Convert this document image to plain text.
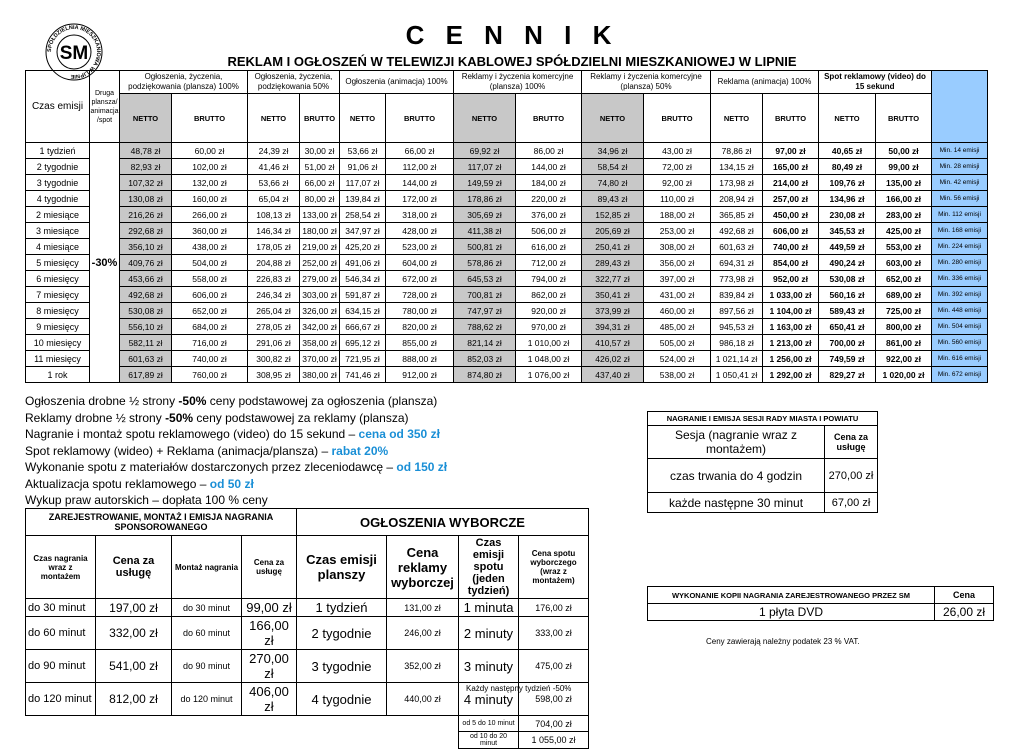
SPÓŁDZIELNIA MIESZKANIOWA W LIPNIE
SM
C E N N I K
REKLAM I OGŁOSZEŃ W TELEWIZJI KABLOWEJ SPÓŁDZIELNI MIESZKANIOWEJ W LIPNIE
Czas emisji	Druga plansza/ animacja /spot	Ogłoszenia, życzenia, podziękowania (plansza) 100%		Ogłoszenia, życzenia, podziękowania 50%		Ogłoszenia (animacja) 100%		Reklamy i życzenia komercyjne (plansza) 100%		Reklamy i życzenia komercyjne (plansza) 50%		Reklama (animacja) 100%		Spot reklamowy (video) do 15 sekund		
		NETTO	BRUTTO	NETTO	BRUTTO	NETTO	BRUTTO	NETTO	BRUTTO	NETTO	BRUTTO	NETTO	BRUTTO	NETTO	BRUTTO	
1 tydzień	-30%	48,78 zł	60,00 zł	24,39 zł	30,00 zł	53,66 zł	66,00 zł	69,92 zł	86,00 zł	34,96 zł	43,00 zł	78,86 zł	97,00 zł	40,65 zł	50,00 zł	Min. 14 emisji
2 tygodnie		82,93 zł	102,00 zł	41,46 zł	51,00 zł	91,06 zł	112,00 zł	117,07 zł	144,00 zł	58,54 zł	72,00 zł	134,15 zł	165,00 zł	80,49 zł	99,00 zł	Min. 28 emisji
3 tygodnie		107,32 zł	132,00 zł	53,66 zł	66,00 zł	117,07 zł	144,00 zł	149,59 zł	184,00 zł	74,80 zł	92,00 zł	173,98 zł	214,00 zł	109,76 zł	135,00 zł	Min. 42 emisji
4 tygodnie		130,08 zł	160,00 zł	65,04 zł	80,00 zł	139,84 zł	172,00 zł	178,86 zł	220,00 zł	89,43 zł	110,00 zł	208,94 zł	257,00 zł	134,96 zł	166,00 zł	Min. 56 emisji
2 miesiące		216,26 zł	266,00 zł	108,13 zł	133,00 zł	258,54 zł	318,00 zł	305,69 zł	376,00 zł	152,85 zł	188,00 zł	365,85 zł	450,00 zł	230,08 zł	283,00 zł	Min. 112 emisji
3 miesiące		292,68 zł	360,00 zł	146,34 zł	180,00 zł	347,97 zł	428,00 zł	411,38 zł	506,00 zł	205,69 zł	253,00 zł	492,68 zł	606,00 zł	345,53 zł	425,00 zł	Min. 168 emisji
4 miesiące		356,10 zł	438,00 zł	178,05 zł	219,00 zł	425,20 zł	523,00 zł	500,81 zł	616,00 zł	250,41 zł	308,00 zł	601,63 zł	740,00 zł	449,59 zł	553,00 zł	Min. 224 emisji
5 miesięcy		409,76 zł	504,00 zł	204,88 zł	252,00 zł	491,06 zł	604,00 zł	578,86 zł	712,00 zł	289,43 zł	356,00 zł	694,31 zł	854,00 zł	490,24 zł	603,00 zł	Min. 280 emisji
6 miesięcy		453,66 zł	558,00 zł	226,83 zł	279,00 zł	546,34 zł	672,00 zł	645,53 zł	794,00 zł	322,77 zł	397,00 zł	773,98 zł	952,00 zł	530,08 zł	652,00 zł	Min. 336 emisji
7 miesięcy		492,68 zł	606,00 zł	246,34 zł	303,00 zł	591,87 zł	728,00 zł	700,81 zł	862,00 zł	350,41 zł	431,00 zł	839,84 zł	1 033,00 zł	560,16 zł	689,00 zł	Min. 392 emisji
8 miesięcy		530,08 zł	652,00 zł	265,04 zł	326,00 zł	634,15 zł	780,00 zł	747,97 zł	920,00 zł	373,99 zł	460,00 zł	897,56 zł	1 104,00 zł	589,43 zł	725,00 zł	Min. 448 emisji
9 miesięcy		556,10 zł	684,00 zł	278,05 zł	342,00 zł	666,67 zł	820,00 zł	788,62 zł	970,00 zł	394,31 zł	485,00 zł	945,53 zł	1 163,00 zł	650,41 zł	800,00 zł	Min. 504 emisji
10 miesięcy		582,11 zł	716,00 zł	291,06 zł	358,00 zł	695,12 zł	855,00 zł	821,14 zł	1 010,00 zł	410,57 zł	505,00 zł	986,18 zł	1 213,00 zł	700,00 zł	861,00 zł	Min. 560 emisji
11 miesięcy		601,63 zł	740,00 zł	300,82 zł	370,00 zł	721,95 zł	888,00 zł	852,03 zł	1 048,00 zł	426,02 zł	524,00 zł	1 021,14 zł	1 256,00 zł	749,59 zł	922,00 zł	Min. 616 emisji
1 rok		617,89 zł	760,00 zł	308,95 zł	380,00 zł	741,46 zł	912,00 zł	874,80 zł	1 076,00 zł	437,40 zł	538,00 zł	1 050,41 zł	1 292,00 zł	829,27 zł	1 020,00 zł	Min. 672 emisji
Ogłoszenia drobne ½ strony -50% ceny podstawowej za ogłoszenia (plansza)
Reklamy drobne ½ strony -50% ceny podstawowej za reklamy (plansza)
Nagranie i montaż spotu reklamowego (video) do 15 sekund – cena od 350 zł
Spot reklamowy (wideo) + Reklama (animacja/plansza) – rabat 20%
Wykonanie spotu z materiałów dostarczonych przez zleceniodawcę – od 150 zł
Aktualizacja spotu reklamowego – od 50 zł
Wykup praw autorskich – dopłata 100 % ceny
NAGRANIE I EMISJA SESJI RADY MIASTA I POWIATU	
Sesja (nagranie wraz z montażem)	Cena za usługę
czas trwania do 4 godzin	270,00 zł
każde następne 30 minut	67,00 zł
ZAREJESTROWANIE, MONTAŻ I EMISJA NAGRANIA SPONSOROWANEGO				OGŁOSZENIA WYBORCZE			
Czas nagrania wraz z montażem	Cena za usługę	Montaż nagrania	Cena za usługę	Czas emisji planszy	Cena reklamy wyborczej	Czas emisji spotu (jeden tydzień)	Cena spotu wyborczego (wraz z montażem)
do 30 minut	197,00 zł	do 30 minut	99,00 zł	1 tydzień	131,00 zł	1 minuta	176,00 zł
do 60 minut	332,00 zł	do 60 minut	166,00 zł	2 tygodnie	246,00 zł	2 minuty	333,00 zł
do 90 minut	541,00 zł	do 90 minut	270,00 zł	3 tygodnie	352,00 zł	3 minuty	475,00 zł
do 120 minut	812,00 zł	do 120 minut	406,00 zł	4 tygodnie	440,00 zł	4 minuty	598,00 zł
						od 5 do 10 minut	704,00 zł
						od 10 do 20 minut	1 055,00 zł
WYKONANIE KOPII NAGRANIA ZAREJESTROWANEGO PRZEZ SM	Cena
1 płyta DVD	26,00 zł
Ceny zawierają należny podatek 23 % VAT.
Każdy następny tydzień -50%
